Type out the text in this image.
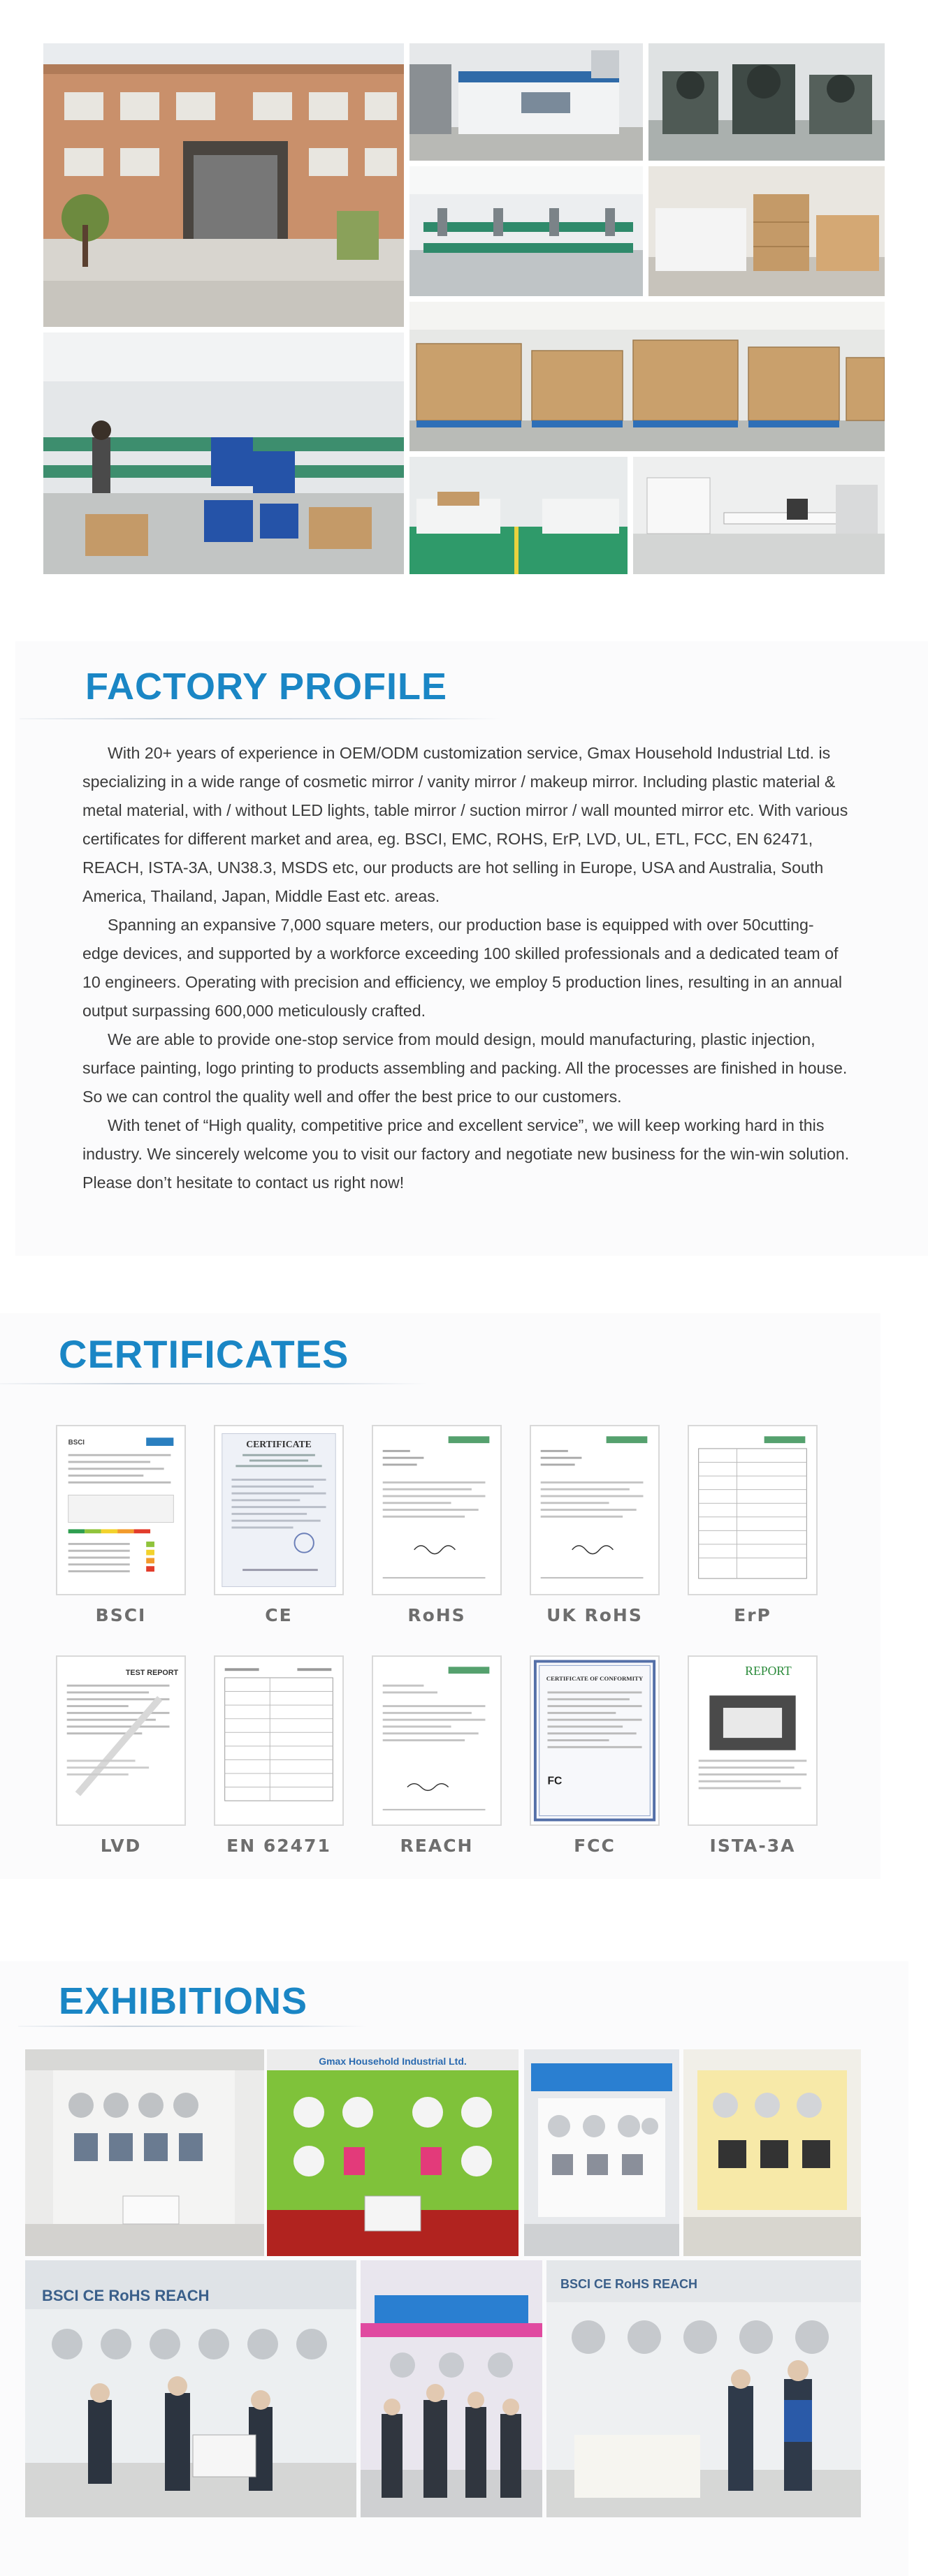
FACTORY PROFILE

With 20+ years of experience in OEM/ODM customization service, Gmax Household Industrial Ltd. is specializing in a wide range of cosmetic mirror / vanity mirror / makeup mirror. Including plastic material & metal material, with / without LED lights, table mirror / suction mirror / wall mounted mirror etc. With various certificates for different market and area, eg. BSCI, EMC, ROHS, ErP, LVD, UL, ETL, FCC, EN 62471, REACH, ISTA-3A, UN38.3, MSDS etc, our products are hot selling in Europe, USA and Australia, South America, Thailand, Japan, Middle East etc. areas.

Spanning an expansive 7,000 square meters, our production base is equipped with over 50cutting-edge devices, and supported by a workforce exceeding 100 skilled professionals and a dedicated team of 10 engineers. Operating with precision and efficiency, we employ 5 production lines, resulting in an annual output surpassing 600,000 meticulously crafted.

We are able to provide one-stop service from mould design, mould manufacturing, plastic injection, surface painting, logo printing to products assembling and packing. All the processes are finished in house. So we can control the quality well and offer the best price to our customers.

With tenet of “High quality, competitive price and excellent service”, we will keep working hard in this industry. We sincerely welcome you to visit our factory and negotiate new business for the win-win solution. Please don’t hesitate to contact us right now!

CERTIFICATES
BSCI
BSCI
CERTIFICATE
CE	RoHS	UK RoHS	ErP
TEST REPORT
LVD	EN 62471	REACH
CERTIFICATE OF CONFORMITY
FC
FCC
REPORT
ISTA-3A
EXHIBITIONS
Gmax Household Industrial Ltd.
BSCI CE RoHS REACH
BSCI CE RoHS REACH
